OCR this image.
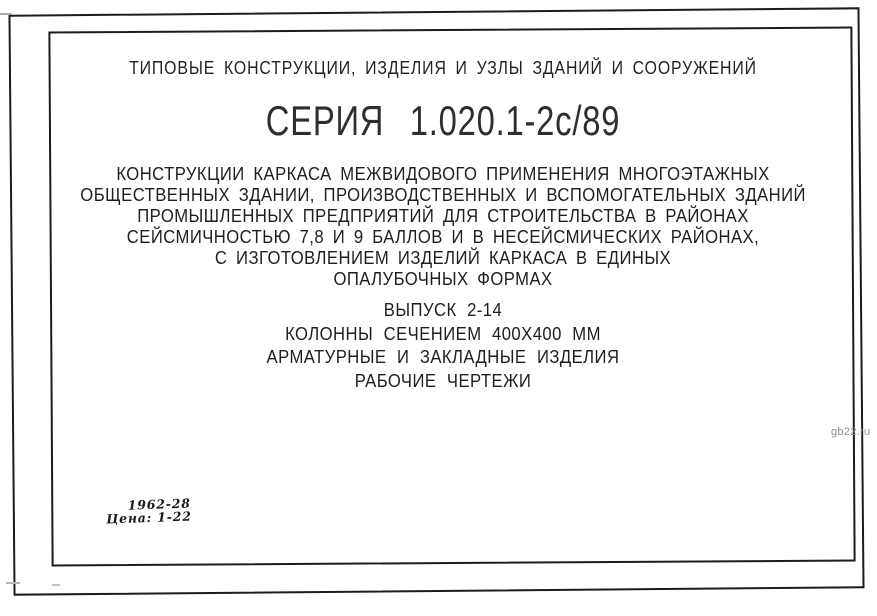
ТИПОВЫЕ КОНСТРУКЦИИ, ИЗДЕЛИЯ И УЗЛЫ ЗДАНИЙ И СООРУЖЕНИЙ
СЕРИЯ 1.020.1-2с/89
КОНСТРУКЦИИ КАРКАСА МЕЖВИДОВОГО ПРИМЕНЕНИЯ МНОГОЭТАЖНЫХ
ОБЩЕСТВЕННЫХ ЗДАНИИ, ПРОИЗВОДСТВЕННЫХ И ВСПОМОГАТЕЛЬНЫХ ЗДАНИЙ
ПРОМЫШЛЕННЫХ ПРЕДПРИЯТИЙ ДЛЯ СТРОИТЕЛЬСТВА В РАЙОНАХ
СЕЙСМИЧНОСТЬЮ 7,8 И 9 БАЛЛОВ И В НЕСЕЙСМИЧЕСКИХ РАЙОНАХ,
С ИЗГОТОВЛЕНИЕМ ИЗДЕЛИЙ КАРКАСА В ЕДИНЫХ
ОПАЛУБОЧНЫХ ФОРМАХ
ВЫПУСК 2-14
КОЛОННЫ СЕЧЕНИЕМ 400Х400 ММ
АРМАТУРНЫЕ И ЗАКЛАДНЫЕ ИЗДЕЛИЯ
РАБОЧИЕ ЧЕРТЕЖИ
1962-28
Цена: 1-22
gb22.ru
